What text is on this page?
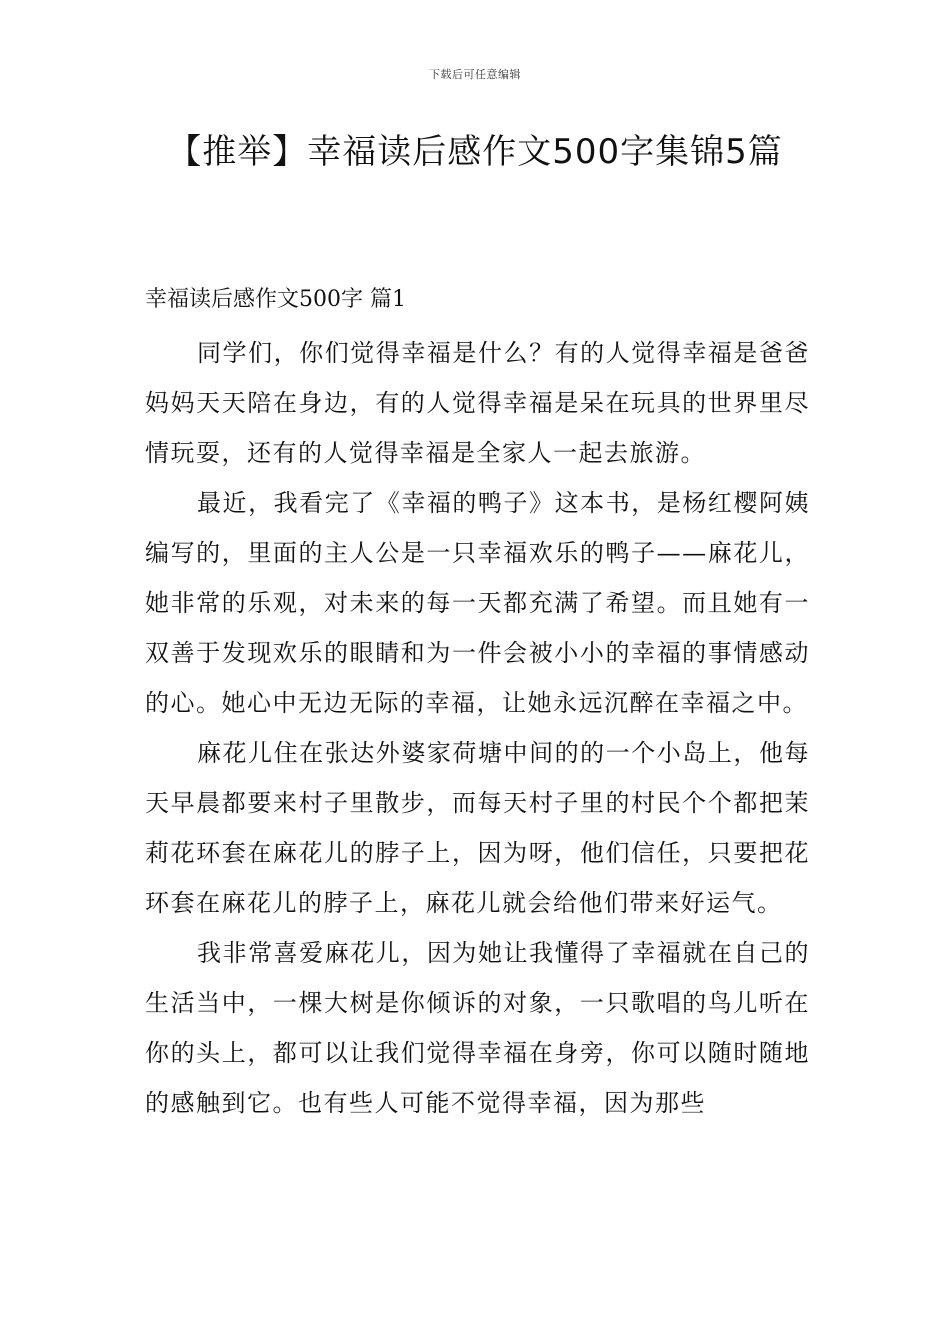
下载后可任意编辑
【推举】幸福读后感作文500字集锦5篇
幸福读后感作文500字 篇1

同学们，你们觉得幸福是什么？有的人觉得幸福是爸爸妈妈天天陪在身边，有的人觉得幸福是呆在玩具的世界里尽情玩耍，还有的人觉得幸福是全家人一起去旅游。

最近，我看完了《幸福的鸭子》这本书，是杨红樱阿姨编写的，里面的主人公是一只幸福欢乐的鸭子——麻花儿，她非常的乐观，对未来的每一天都充满了希望。而且她有一双善于发现欢乐的眼睛和为一件会被小小的幸福的事情感动的心。她心中无边无际的幸福，让她永远沉醉在幸福之中。

麻花儿住在张达外婆家荷塘中间的的一个小岛上，他每天早晨都要来村子里散步，而每天村子里的村民个个都把茉莉花环套在麻花儿的脖子上，因为呀，他们信任，只要把花环套在麻花儿的脖子上，麻花儿就会给他们带来好运气。

我非常喜爱麻花儿，因为她让我懂得了幸福就在自己的生活当中，一棵大树是你倾诉的对象，一只歌唱的鸟儿听在你的头上，都可以让我们觉得幸福在身旁，你可以随时随地的感触到它。也有些人可能不觉得幸福，因为那些
